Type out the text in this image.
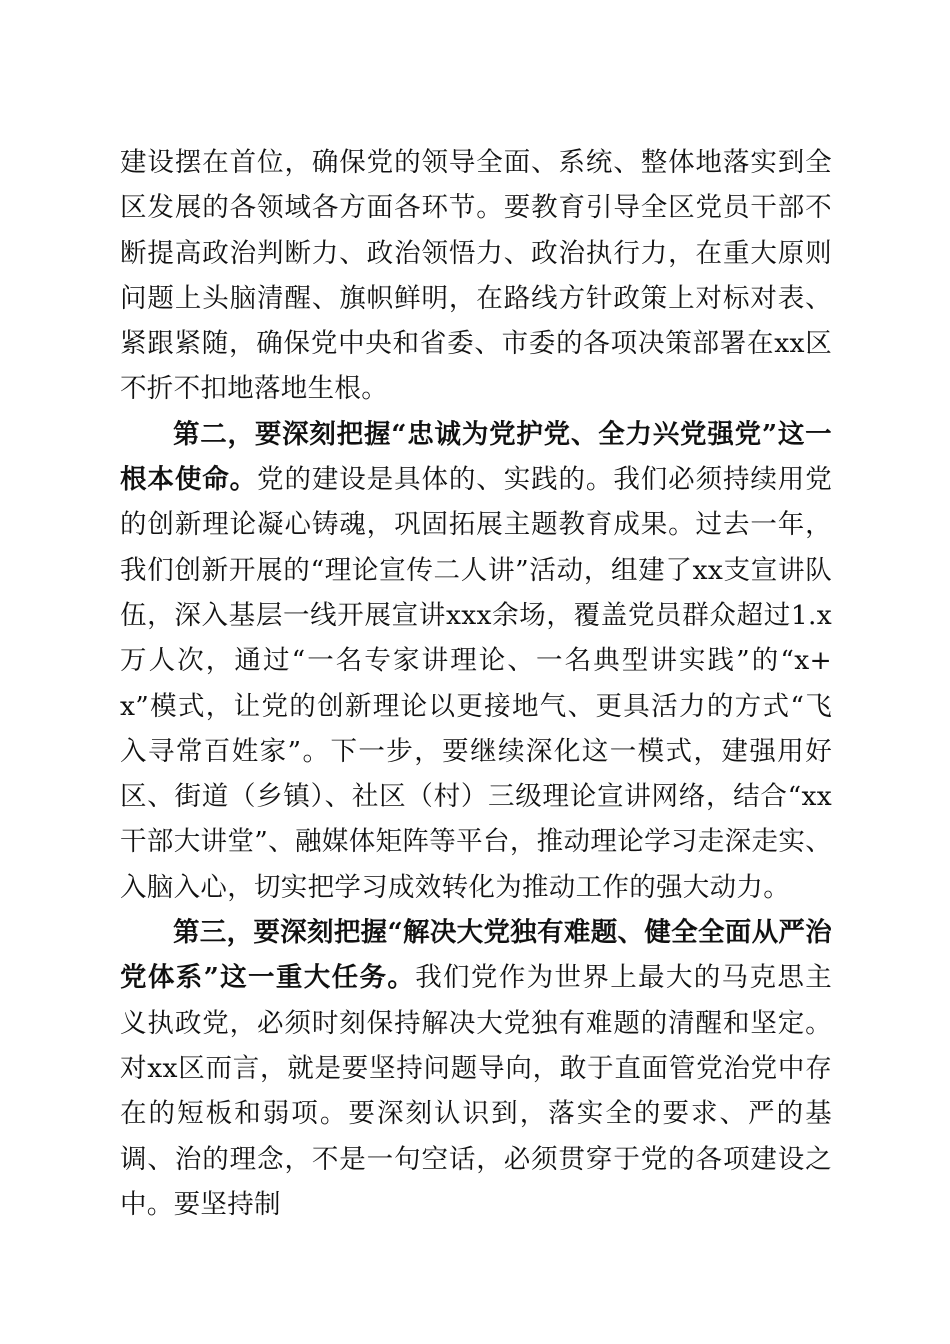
建设摆在首位，确保党的领导全面、系统、整体地落实到全区发展的各领域各方面各环节。要教育引导全区党员干部不断提高政治判断力、政治领悟力、政治执行力，在重大原则问题上头脑清醒、旗帜鲜明，在路线方针政策上对标对表、紧跟紧随，确保党中央和省委、市委的各项决策部署在xx区不折不扣地落地生根。

第二，要深刻把握“忠诚为党护党、全力兴党强党”这一根本使命。党的建设是具体的、实践的。我们必须持续用党的创新理论凝心铸魂，巩固拓展主题教育成果。过去一年，我们创新开展的“理论宣传二人讲”活动，组建了xx支宣讲队伍，深入基层一线开展宣讲xxx余场，覆盖党员群众超过1.x万人次，通过“一名专家讲理论、一名典型讲实践”的“x+x”模式，让党的创新理论以更接地气、更具活力的方式“飞入寻常百姓家”。下一步，要继续深化这一模式，建强用好区、街道（乡镇）、社区（村）三级理论宣讲网络，结合“xx干部大讲堂”、融媒体矩阵等平台，推动理论学习走深走实、入脑入心，切实把学习成效转化为推动工作的强大动力。

第三，要深刻把握“解决大党独有难题、健全全面从严治党体系”这一重大任务。我们党作为世界上最大的马克思主义执政党，必须时刻保持解决大党独有难题的清醒和坚定。对xx区而言，就是要坚持问题导向，敢于直面管党治党中存在的短板和弱项。要深刻认识到，落实全的要求、严的基调、治的理念，不是一句空话，必须贯穿于党的各项建设之中。要坚持制
